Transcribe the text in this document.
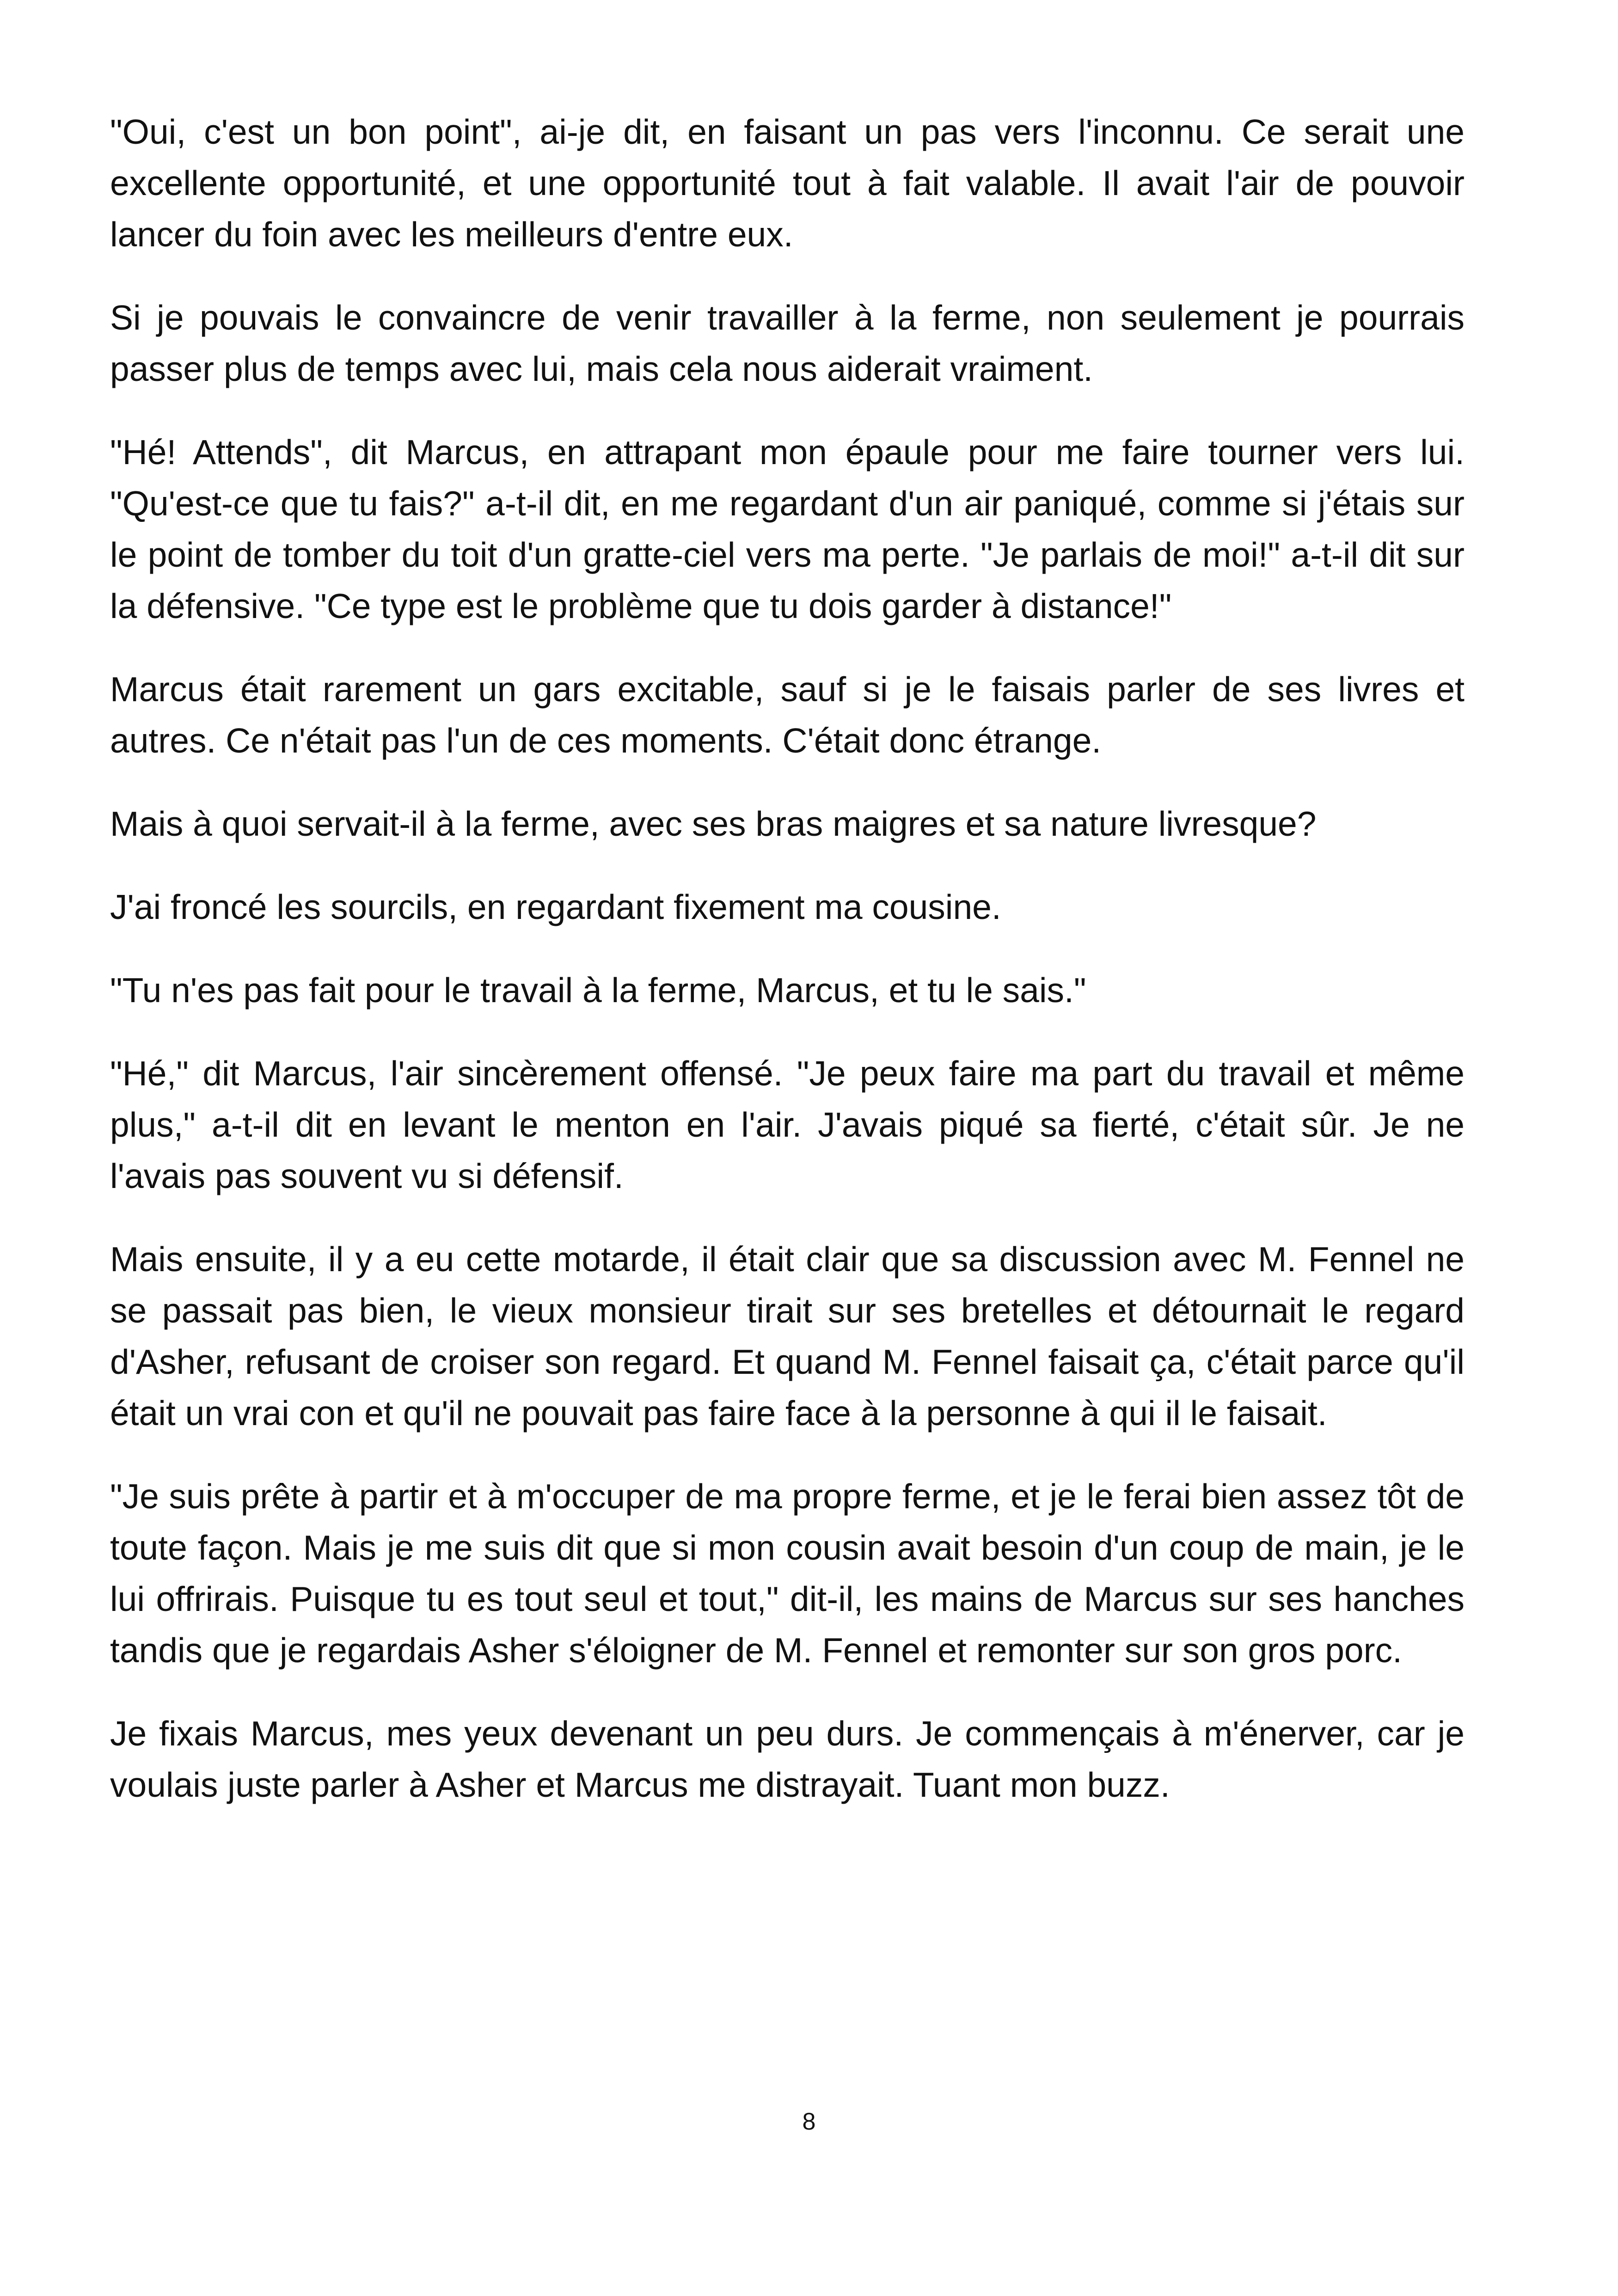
"Oui, c'est un bon point", ai-je dit, en faisant un pas vers l'inconnu. Ce serait une excellente opportunité, et une opportunité tout à fait valable. Il avait l'air de pouvoir lancer du foin avec les meilleurs d'entre eux.

Si je pouvais le convaincre de venir travailler à la ferme, non seulement je pourrais passer plus de temps avec lui, mais cela nous aiderait vraiment.

"Hé! Attends", dit Marcus, en attrapant mon épaule pour me faire tourner vers lui. "Qu'est-ce que tu fais?" a-t-il dit, en me regardant d'un air paniqué, comme si j'étais sur le point de tomber du toit d'un gratte-ciel vers ma perte. "Je parlais de moi!" a-t-il dit sur la défensive. "Ce type est le problème que tu dois garder à distance!"

Marcus était rarement un gars excitable, sauf si je le faisais parler de ses livres et autres. Ce n'était pas l'un de ces moments. C'était donc étrange.

Mais à quoi servait-il à la ferme, avec ses bras maigres et sa nature livresque?

J'ai froncé les sourcils, en regardant fixement ma cousine.

"Tu n'es pas fait pour le travail à la ferme, Marcus, et tu le sais."

"Hé," dit Marcus, l'air sincèrement offensé. "Je peux faire ma part du travail et même plus," a-t-il dit en levant le menton en l'air. J'avais piqué sa fierté, c'était sûr. Je ne l'avais pas souvent vu si défensif.

Mais ensuite, il y a eu cette motarde, il était clair que sa discussion avec M. Fennel ne se passait pas bien, le vieux monsieur tirait sur ses bretelles et détournait le regard d'Asher, refusant de croiser son regard. Et quand M. Fennel faisait ça, c'était parce qu'il était un vrai con et qu'il ne pouvait pas faire face à la personne à qui il le faisait.

"Je suis prête à partir et à m'occuper de ma propre ferme, et je le ferai bien assez tôt de toute façon. Mais je me suis dit que si mon cousin avait besoin d'un coup de main, je le lui offrirais. Puisque tu es tout seul et tout," dit-il, les mains de Marcus sur ses hanches tandis que je regardais Asher s'éloigner de M. Fennel et remonter sur son gros porc.

Je fixais Marcus, mes yeux devenant un peu durs. Je commençais à m'énerver, car je voulais juste parler à Asher et Marcus me distrayait. Tuant mon buzz.

8
